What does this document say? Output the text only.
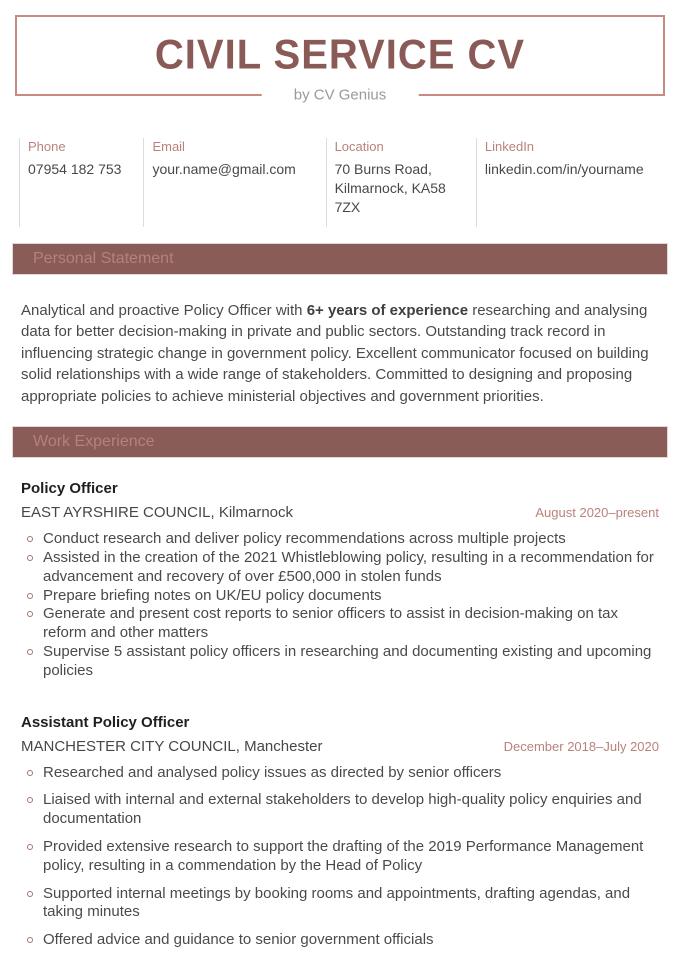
CIVIL SERVICE CV
by CV Genius
Phone
07954 182 753
Email
your.name@gmail.com
Location
70 Burns Road, Kilmarnock, KA58 7ZX
LinkedIn
linkedin.com/in/yourname
Personal Statement

Analytical and proactive Policy Officer with 6+ years of experience researching and analysing data for better decision-making in private and public sectors. Outstanding track record in influencing strategic change in government policy. Excellent communicator focused on building solid relationships with a wide range of stakeholders. Committed to designing and proposing appropriate policies to achieve ministerial objectives and government priorities.

Work Experience
Policy Officer
EAST AYRSHIRE COUNCIL, Kilmarnock	August 2020–present
Conduct research and deliver policy recommendations across multiple projects
Assisted in the creation of the 2021 Whistleblowing policy, resulting in a recommendation for advancement and recovery of over £500,000 in stolen funds
Prepare briefing notes on UK/EU policy documents
Generate and present cost reports to senior officers to assist in decision-making on tax reform and other matters
Supervise 5 assistant policy officers in researching and documenting existing and upcoming policies
Assistant Policy Officer
MANCHESTER CITY COUNCIL, Manchester	December 2018–July 2020
Researched and analysed policy issues as directed by senior officers
Liaised with internal and external stakeholders to develop high-quality policy enquiries and documentation
Provided extensive research to support the drafting of the 2019 Performance Management policy, resulting in a commendation by the Head of Policy
Supported internal meetings by booking rooms and appointments, drafting agendas, and taking minutes
Offered advice and guidance to senior government officials
